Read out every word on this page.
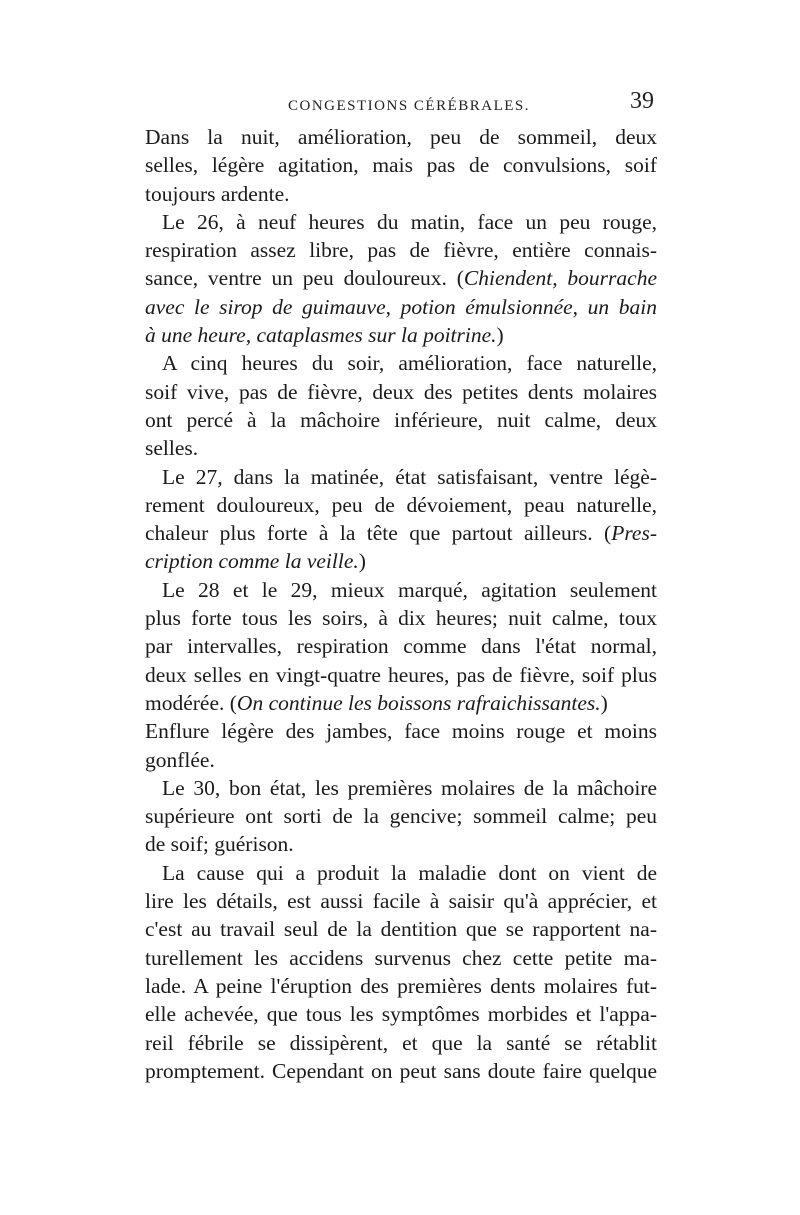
CONGESTIONS CÉRÉBRALES.	39
Dans la nuit, amélioration, peu de sommeil, deux
selles, légère agitation, mais pas de convulsions, soif
toujours ardente.
Le 26, à neuf heures du matin, face un peu rouge,
respiration assez libre, pas de fièvre, entière connais-
sance, ventre un peu douloureux. (Chiendent, bourrache
avec le sirop de guimauve, potion émulsionnée, un bain
à une heure, cataplasmes sur la poitrine.)
A cinq heures du soir, amélioration, face naturelle,
soif vive, pas de fièvre, deux des petites dents molaires
ont percé à la mâchoire inférieure, nuit calme, deux
selles.
Le 27, dans la matinée, état satisfaisant, ventre légè-
rement douloureux, peu de dévoiement, peau naturelle,
chaleur plus forte à la tête que partout ailleurs. (Pres-
cription comme la veille.)
Le 28 et le 29, mieux marqué, agitation seulement
plus forte tous les soirs, à dix heures; nuit calme, toux
par intervalles, respiration comme dans l'état normal,
deux selles en vingt-quatre heures, pas de fièvre, soif plus
modérée. (On continue les boissons rafraichissantes.)
Enflure légère des jambes, face moins rouge et moins
gonflée.
Le 30, bon état, les premières molaires de la mâchoire
supérieure ont sorti de la gencive; sommeil calme; peu
de soif; guérison.
La cause qui a produit la maladie dont on vient de
lire les détails, est aussi facile à saisir qu'à apprécier, et
c'est au travail seul de la dentition que se rapportent na-
turellement les accidens survenus chez cette petite ma-
lade. A peine l'éruption des premières dents molaires fut-
elle achevée, que tous les symptômes morbides et l'appa-
reil fébrile se dissipèrent, et que la santé se rétablit
promptement. Cependant on peut sans doute faire quelque
